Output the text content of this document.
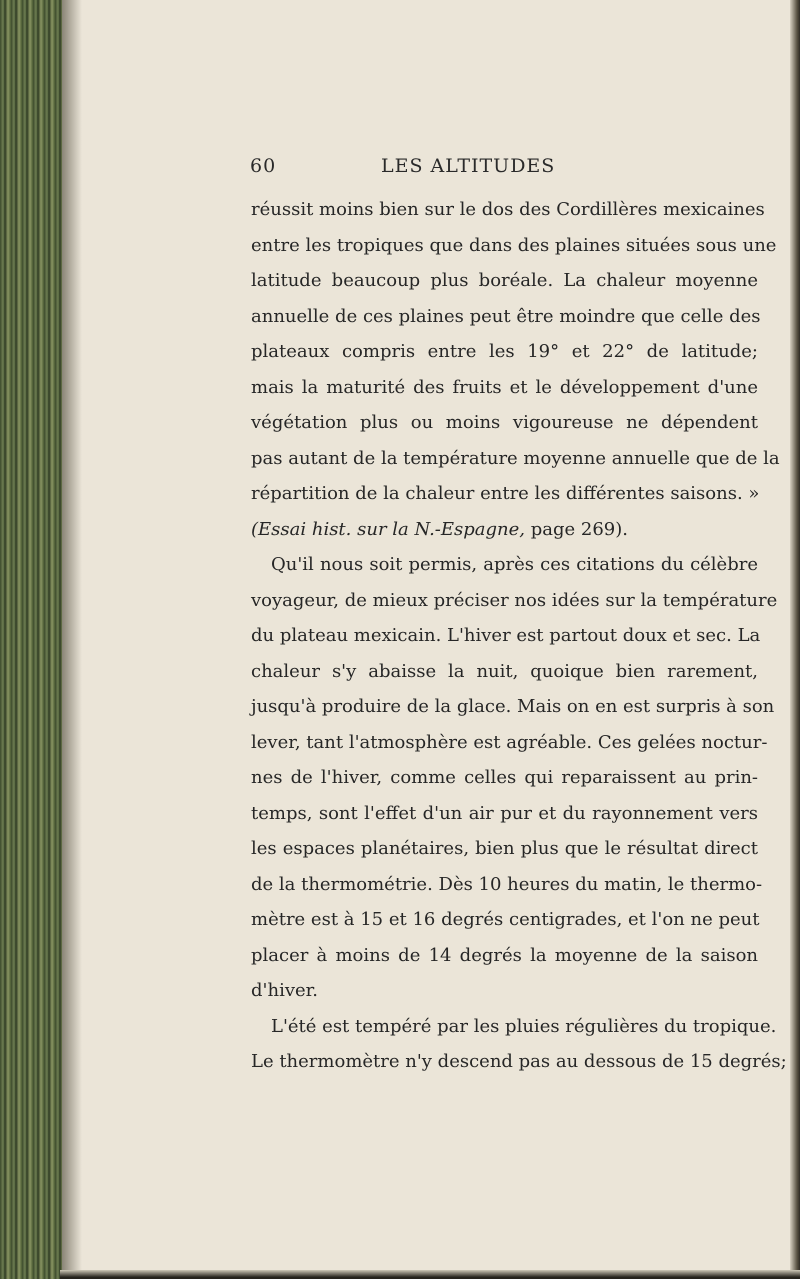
60	LES ALTITUDES
réussit moins bien sur le dos des Cordillères mexicaines
entre les tropiques que dans des plaines situées sous une
latitude beaucoup plus boréale. La chaleur moyenne
annuelle de ces plaines peut être moindre que celle des
plateaux compris entre les 19° et 22° de latitude;
mais la maturité des fruits et le développement d'une
végétation plus ou moins vigoureuse ne dépendent
pas autant de la température moyenne annuelle que de la
répartition de la chaleur entre les différentes saisons. »
(Essai hist. sur la N.-Espagne, page 269).
Qu'il nous soit permis, après ces citations du célèbre
voyageur, de mieux préciser nos idées sur la température
du plateau mexicain. L'hiver est partout doux et sec. La
chaleur s'y abaisse la nuit, quoique bien rarement,
jusqu'à produire de la glace. Mais on en est surpris à son
lever, tant l'atmosphère est agréable. Ces gelées noctur-
nes de l'hiver, comme celles qui reparaissent au prin-
temps, sont l'effet d'un air pur et du rayonnement vers
les espaces planétaires, bien plus que le résultat direct
de la thermométrie. Dès 10 heures du matin, le thermo-
mètre est à 15 et 16 degrés centigrades, et l'on ne peut
placer à moins de 14 degrés la moyenne de la saison
d'hiver.
L'été est tempéré par les pluies régulières du tropique.
Le thermomètre n'y descend pas au dessous de 15 degrés;
